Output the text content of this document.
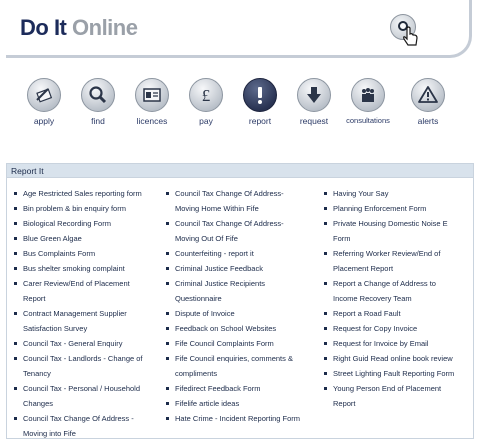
Do It Online
apply	find	licences
£
pay	report	request	consultations	alerts
Report It
Age Restricted Sales reporting form
Bin problem & bin enquiry form
Biological Recording Form
Blue Green Algae
Bus Complaints Form
Bus shelter smoking complaint
Carer Review/End of Placement
Report
Contract Management Supplier
Satisfaction Survey
Council Tax - General Enquiry
Council Tax - Landlords - Change of
Tenancy
Council Tax - Personal / Household
Changes
Council Tax Change Of Address -
Moving into Fife
Council Tax Change Of Address-
Moving Home Within Fife
Council Tax Change Of Address-
Moving Out Of Fife
Counterfeiting - report it
Criminal Justice Feedback
Criminal Justice Recipients
Questionnaire
Dispute of Invoice
Feedback on School Websites
Fife Council Complaints Form
Fife Council enquiries, comments &
compliments
Fifedirect Feedback Form
Fifelife article ideas
Hate Crime - Incident Reporting Form
Having Your Say
Planning Enforcement Form
Private Housing Domestic Noise E
Form
Referring Worker Review/End of
Placement Report
Report a Change of Address to
Income Recovery Team
Report a Road Fault
Request for Copy Invoice
Request for Invoice by Email
Right Guid Read online book review
Street Lighting Fault Reporting Form
Young Person End of Placement
Report
